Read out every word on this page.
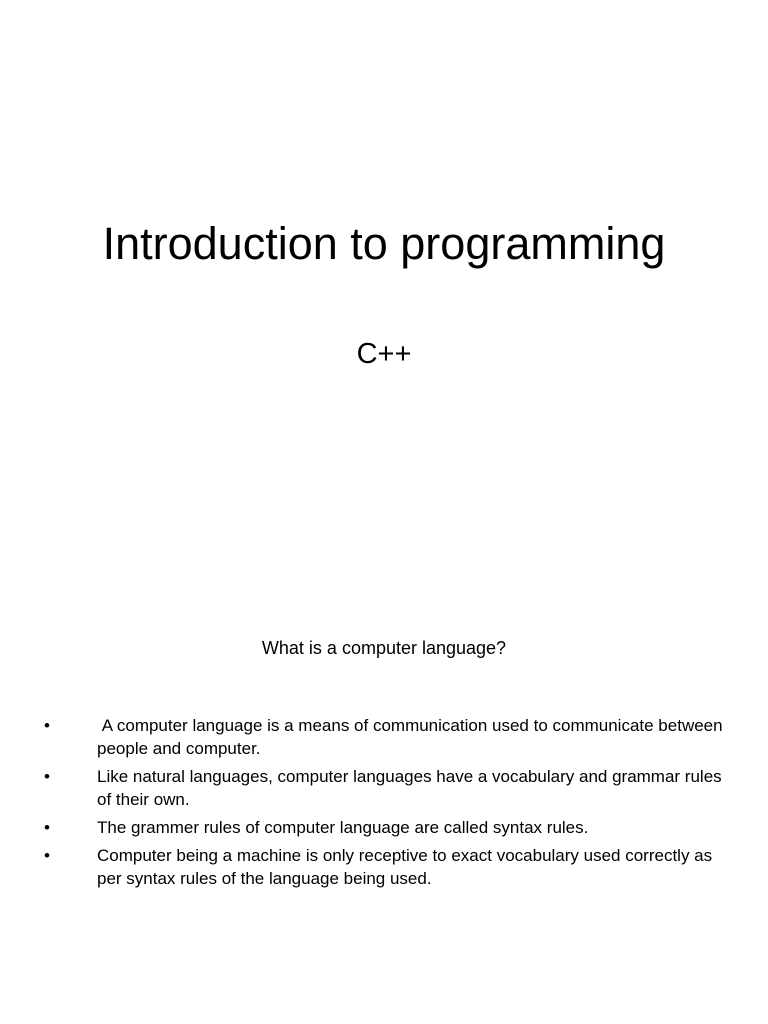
Introduction to programming
C++
What is a computer language?
•	A computer language is a means of communication used to communicate between people and computer.
•	Like natural languages, computer languages have a vocabulary and grammar rules of their own.
•	The grammer rules of computer language are called syntax rules.
•	Computer being a machine is only receptive to exact vocabulary used correctly as per syntax rules of the language being used.
